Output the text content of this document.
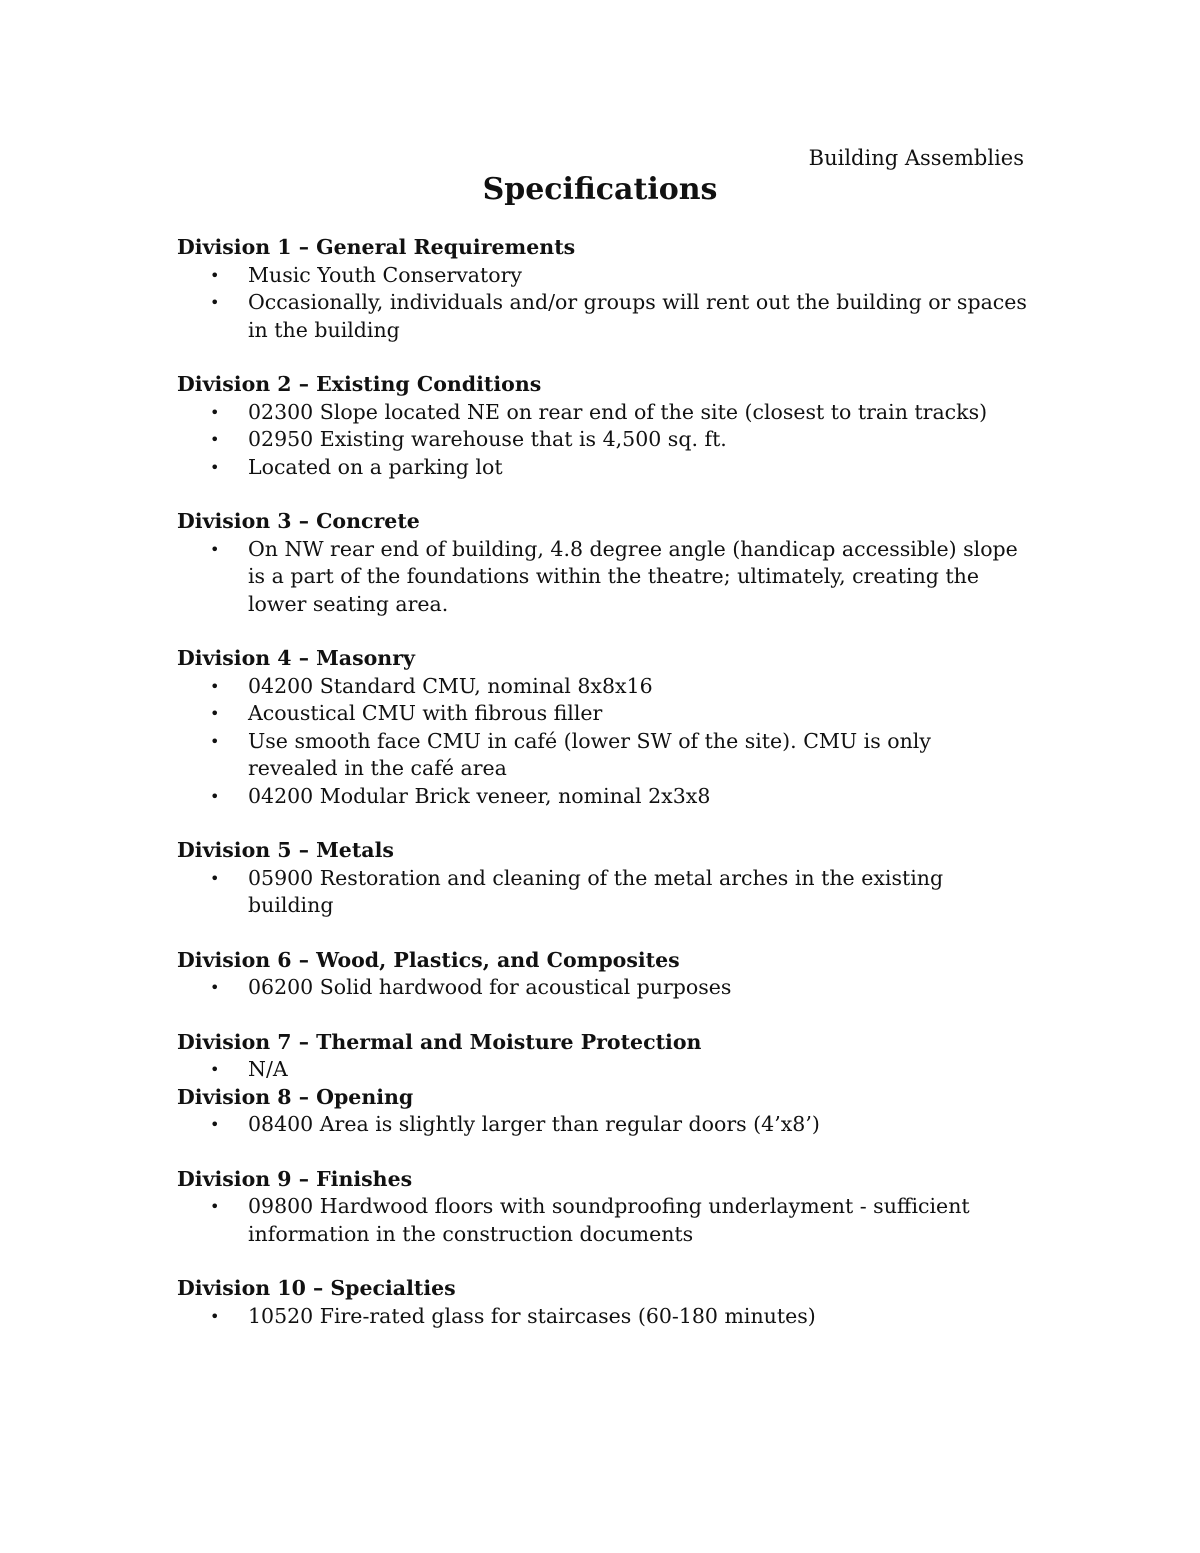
Building Assemblies
Specifications
Division 1 – General Requirements
• Music Youth Conservatory
• Occasionally, individuals and/or groups will rent out the building or spaces in the building
Division 2 – Existing Conditions
• 02300 Slope located NE on rear end of the site (closest to train tracks)
• 02950 Existing warehouse that is 4,500 sq. ft.
• Located on a parking lot
Division 3 – Concrete
• On NW rear end of building, 4.8 degree angle (handicap accessible) slope is a part of the foundations within the theatre; ultimately, creating the lower seating area.
Division 4 – Masonry
• 04200 Standard CMU, nominal 8x8x16
• Acoustical CMU with fibrous filler
• Use smooth face CMU in café (lower SW of the site). CMU is only revealed in the café area
• 04200 Modular Brick veneer, nominal 2x3x8
Division 5 – Metals
• 05900 Restoration and cleaning of the metal arches in the existing building
Division 6 – Wood, Plastics, and Composites
• 06200 Solid hardwood for acoustical purposes
Division 7 – Thermal and Moisture Protection
• N/A
Division 8 – Opening
• 08400 Area is slightly larger than regular doors (4’x8’)
Division 9 – Finishes
• 09800 Hardwood floors with soundproofing underlayment - sufficient information in the construction documents
Division 10 – Specialties
• 10520 Fire-rated glass for staircases (60-180 minutes)
